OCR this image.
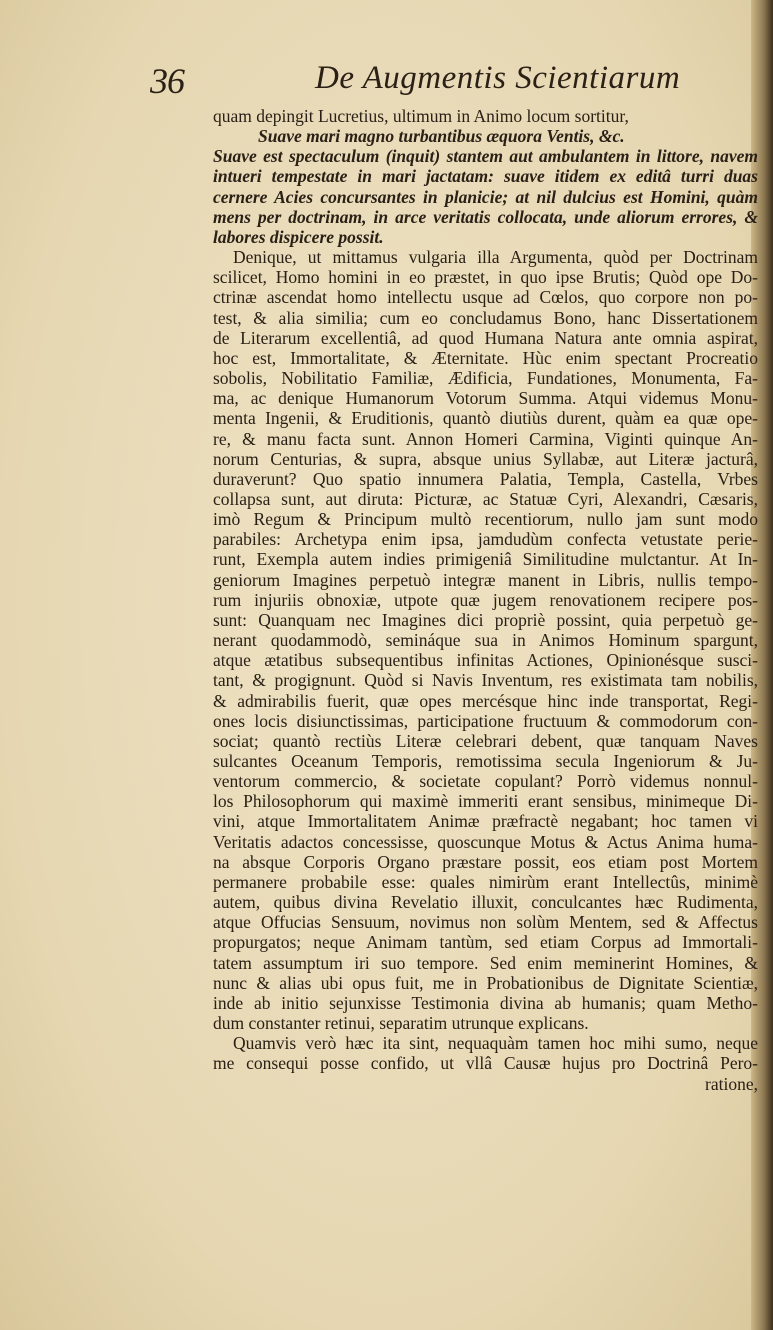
36	De Augmentis Scientiarum
quam depingit Lucretius, ultimum in Animo locum sortitur,
Suave mari magno turbantibus æquora Ventis, &c.
Suave est spectaculum (inquit) stantem aut ambulantem in littore, navem
intueri tempestate in mari jactatam: suave itidem ex editâ turri duas
cernere Acies concursantes in planicie; at nil dulcius est Homini, quàm
mens per doctrinam, in arce veritatis collocata, unde aliorum errores, &
labores dispicere possit.
Denique, ut mittamus vulgaria illa Argumenta, quòd per Doctrinam
scilicet, Homo homini in eo præstet, in quo ipse Brutis; Quòd ope Do-
ctrinæ ascendat homo intellectu usque ad Cœlos, quo corpore non po-
test, & alia similia; cum eo concludamus Bono, hanc Dissertationem
de Literarum excellentiâ, ad quod Humana Natura ante omnia aspirat,
hoc est, Immortalitate, & Æternitate. Hùc enim spectant Procreatio
sobolis, Nobilitatio Familiæ, Ædificia, Fundationes, Monumenta, Fa-
ma, ac denique Humanorum Votorum Summa. Atqui videmus Monu-
menta Ingenii, & Eruditionis, quantò diutiùs durent, quàm ea quæ ope-
re, & manu facta sunt. Annon Homeri Carmina, Viginti quinque An-
norum Centurias, & supra, absque unius Syllabæ, aut Literæ jacturâ,
duraverunt? Quo spatio innumera Palatia, Templa, Castella, Vrbes
collapsa sunt, aut diruta: Picturæ, ac Statuæ Cyri, Alexandri, Cæsaris,
imò Regum & Principum multò recentiorum, nullo jam sunt modo
parabiles: Archetypa enim ipsa, jamdudùm confecta vetustate perie-
runt, Exempla autem indies primigeniâ Similitudine mulctantur. At In-
geniorum Imagines perpetuò integræ manent in Libris, nullis tempo-
rum injuriis obnoxiæ, utpote quæ jugem renovationem recipere pos-
sunt: Quanquam nec Imagines dici propriè possint, quia perpetuò ge-
nerant quodammodò, semináque sua in Animos Hominum spargunt,
atque ætatibus subsequentibus infinitas Actiones, Opinionésque susci-
tant, & progignunt. Quòd si Navis Inventum, res existimata tam nobilis,
& admirabilis fuerit, quæ opes mercésque hinc inde transportat, Regi-
ones locis disiunctissimas, participatione fructuum & commodorum con-
sociat; quantò rectiùs Literæ celebrari debent, quæ tanquam Naves
sulcantes Oceanum Temporis, remotissima secula Ingeniorum & Ju-
ventorum commercio, & societate copulant? Porrò videmus nonnul-
los Philosophorum qui maximè immeriti erant sensibus, minimeque Di-
vini, atque Immortalitatem Animæ præfractè negabant; hoc tamen vi
Veritatis adactos concessisse, quoscunque Motus & Actus Anima huma-
na absque Corporis Organo præstare possit, eos etiam post Mortem
permanere probabile esse: quales nimirùm erant Intellectûs, minimè
autem, quibus divina Revelatio illuxit, conculcantes hæc Rudimenta,
atque Offucias Sensuum, novimus non solùm Mentem, sed & Affectus
propurgatos; neque Animam tantùm, sed etiam Corpus ad Immortali-
tatem assumptum iri suo tempore. Sed enim meminerint Homines, &
nunc & alias ubi opus fuit, me in Probationibus de Dignitate Scientiæ,
inde ab initio sejunxisse Testimonia divina ab humanis; quam Metho-
dum constanter retinui, separatim utrunque explicans.
Quamvis verò hæc ita sint, nequaquàm tamen hoc mihi sumo, neque
me consequi posse confido, ut vllâ Causæ hujus pro Doctrinâ Pero-
ratione,
